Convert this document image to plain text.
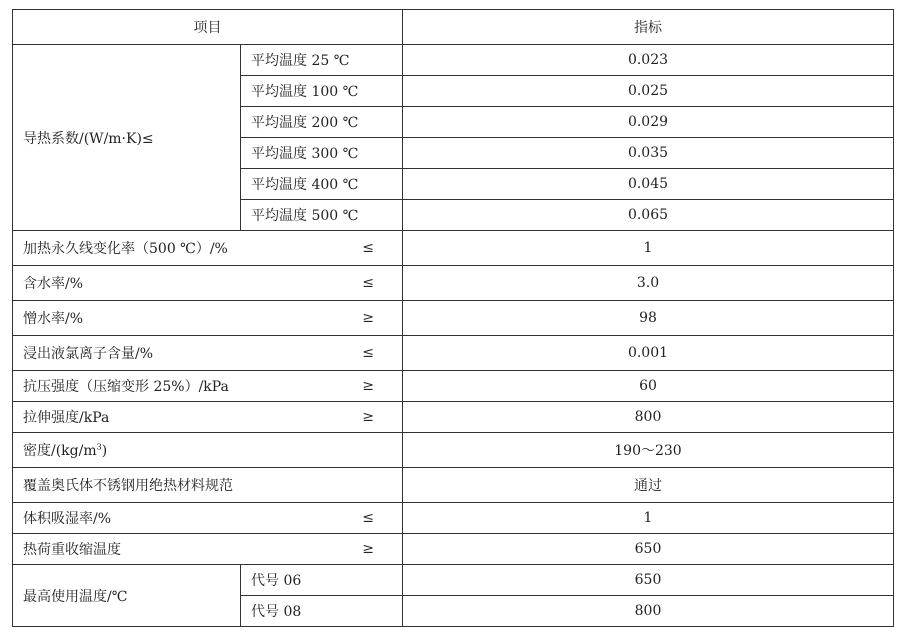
项目		指标
导热系数/(W/m·K)≤	平均温度 25 ℃	0.023
	平均温度 100 ℃	0.025
	平均温度 200 ℃	0.029
	平均温度 300 ℃	0.035
	平均温度 400 ℃	0.045
	平均温度 500 ℃	0.065
加热永久线变化率（500 ℃）/% ≤		1
含水率/% ≤		3.0
憎水率/% ≥		98
浸出液氯离子含量/% ≤		0.001
抗压强度（压缩变形 25%）/kPa ≥		60
拉伸强度/kPa ≥		800
密度$/(kg/m^3)$		190～230
覆盖奥氏体不锈钢用绝热材料规范		通过
体积吸湿率/% ≤		1
热荷重收缩温度 ≥		650
最高使用温度/℃	代号 06	650
	代号 08	800
